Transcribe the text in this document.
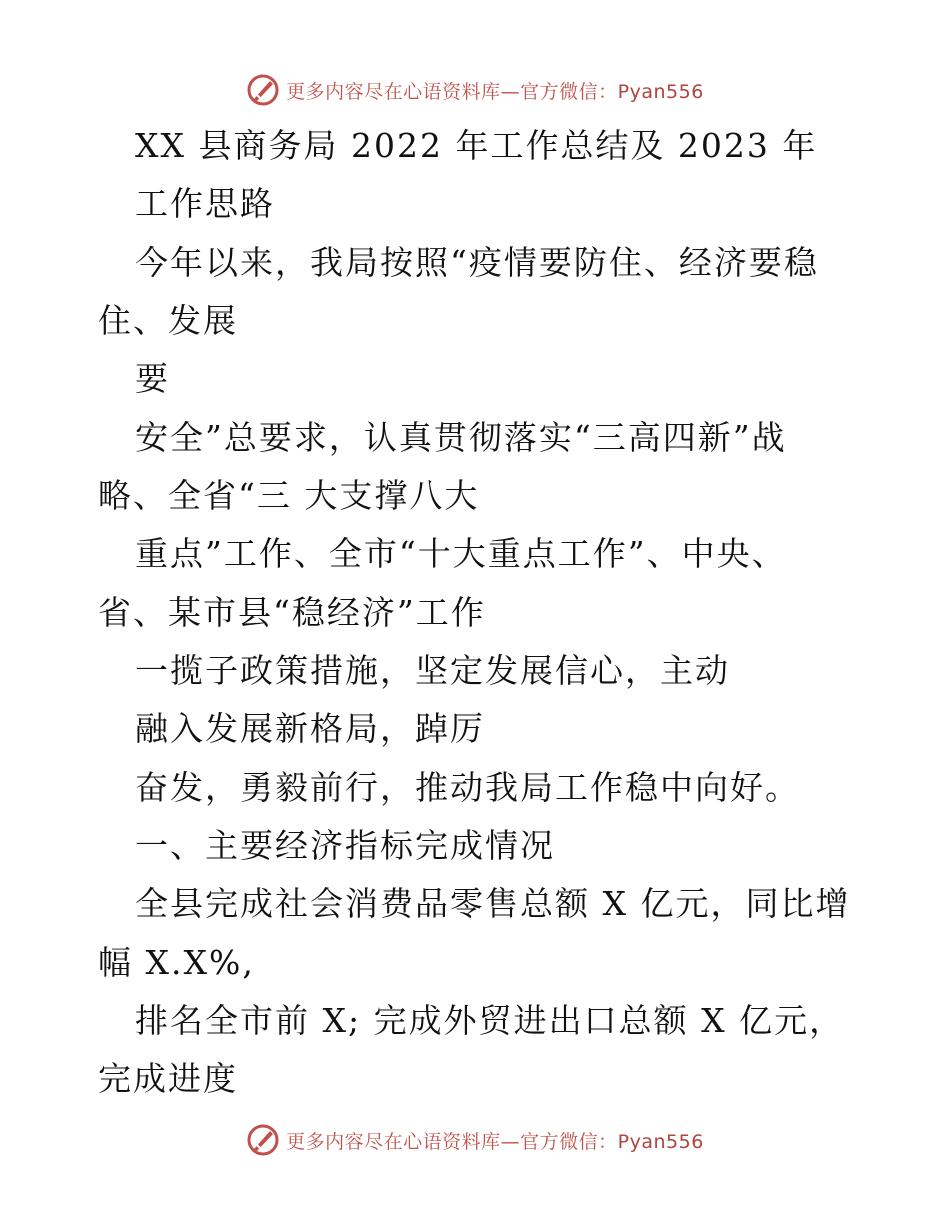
更多内容尽在心语资料库—官方微信：Pyan556
XX 县商务局 2022 年工作总结及 2023 年
工作思路
今年以来，我局按照“疫情要防住、经济要稳
住、发展
要
安全”总要求，认真贯彻落实“三高四新”战
略、全省“三 大支撑八大
重点”工作、全市“十大重点工作”、中央、
省、某市县“稳经济”工作
一揽子政策措施，坚定发展信心，主动
融入发展新格局，踔厉
奋发，勇毅前行，推动我局工作稳中向好。
一、主要经济指标完成情况
全县完成社会消费品零售总额 X 亿元，同比增
幅 X.X%,
排名全市前 X; 完成外贸进出口总额 X 亿元，
完成进度
更多内容尽在心语资料库—官方微信：Pyan556
